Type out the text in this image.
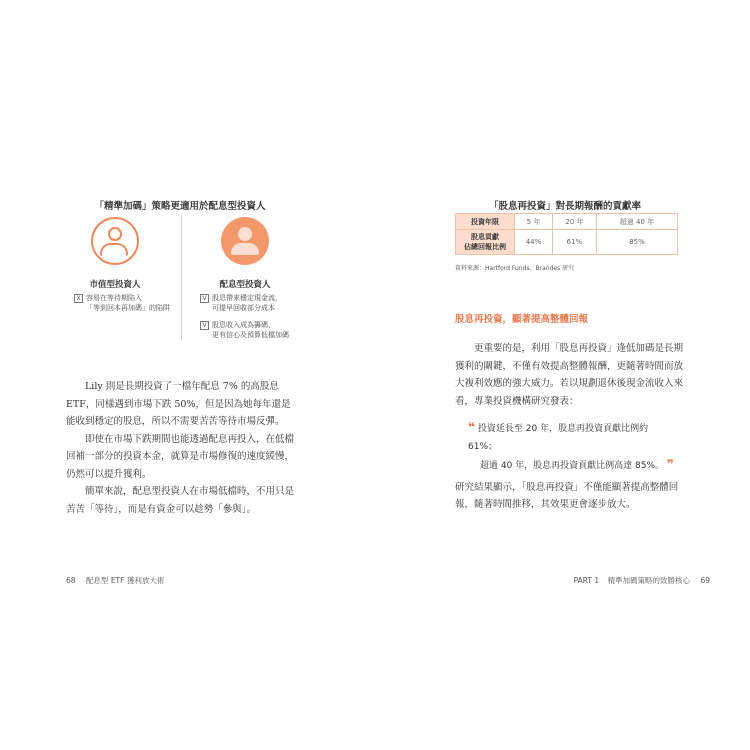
「精準加碼」策略更適用於配息型投資人
市值型投資人	配息型投資人
X 容易在等待期陷入
「等到回本再加碼」的陷阱
V 股息帶來穩定現金流，
可提早回收部分成本
V 股息收入成為籌碼，
更有信心及預算低檔加碼

Lily 則是長期投資了一檔年配息 7% 的高股息 ETF，同樣遇到市場下跌 50%，但是因為她每年還是能收到穩定的股息，所以不需要苦苦等待市場反彈。

即使在市場下跌期間也能透過配息再投入，在低檔回補一部分的投資本金，就算是市場修復的速度緩慢，仍然可以提升獲利。

簡單來說，配息型投資人在市場低檔時，不用只是苦苦「等待」，而是有資金可以趁勢「參與」。

68 配息型 ETF 獲利放大術
「股息再投資」對長期報酬的貢獻率
投資年限	5 年	20 年	超過 40 年
股息貢獻
佔總回報比例	44%	61%	85%
資料來源：Hartford Funds、Brandes 研究
股息再投資，顯著提高整體回報

更重要的是，利用「股息再投資」逢低加碼是長期獲利的關鍵，不僅有效提高整體報酬，更隨著時間而放大複利效應的強大威力。若以規劃退休後現金流收入來看，專業投資機構研究發表：

❝ 投資延長至 20 年，股息再投資貢獻比例約 61%；
超過 40 年，股息再投資貢獻比例高達 85%。 ❞

研究結果顯示，「股息再投資」不僅能顯著提高整體回報，隨著時間推移，其效果更會逐步放大。

PART 1 精準加碼策略的致勝核心 69
